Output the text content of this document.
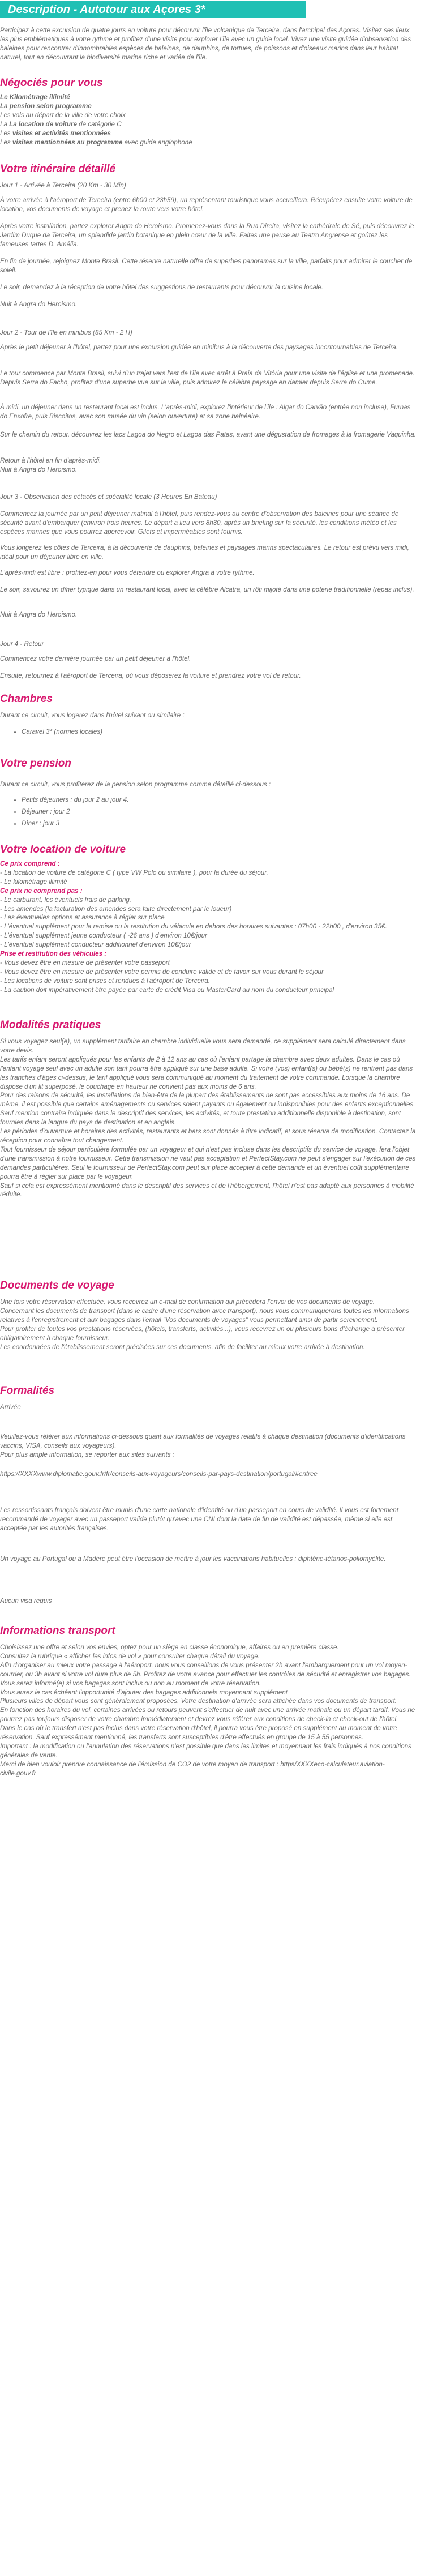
Description - Autotour aux Açores 3*

Participez à cette excursion de quatre jours en voiture pour découvrir l'île volcanique de Terceira, dans l'archipel des Açores. Visitez ses lieux les plus emblématiques à votre rythme et profitez d'une visite pour explorer l'île avec un guide local. Vivez une visite guidée d'observation des baleines pour rencontrer d'innombrables espèces de baleines, de dauphins, de tortues, de poissons et d'oiseaux marins dans leur habitat naturel, tout en découvrant la biodiversité marine riche et variée de l'île.

Négociés pour vous
Le Kilométrage illimité
La pension selon programme
Les vols au départ de la ville de votre choix
La La location de voiture de catégorie C
Les visites et activités mentionnées
Les visites mentionnées au programme avec guide anglophone
Votre itinéraire détaillé

Jour 1 - Arrivée à Terceira (20 Km - 30 Min)

À votre arrivée à l'aéroport de Terceira (entre 6h00 et 23h59), un représentant touristique vous accueillera. Récupérez ensuite votre voiture de location, vos documents de voyage et prenez la route vers votre hôtel.

Après votre installation, partez explorer Angra do Heroismo. Promenez-vous dans la Rua Direita, visitez la cathédrale de Sé, puis découvrez le Jardim Duque da Terceira, un splendide jardin botanique en plein cœur de la ville. Faites une pause au Teatro Angrense et goûtez les fameuses tartes D. Amélia.

En fin de journée, rejoignez Monte Brasil. Cette réserve naturelle offre de superbes panoramas sur la ville, parfaits pour admirer le coucher de soleil.

Le soir, demandez à la réception de votre hôtel des suggestions de restaurants pour découvrir la cuisine locale.

Nuit à Angra do Heroismo.

Jour 2 - Tour de l'île en minibus (85 Km - 2 H)

Après le petit déjeuner à l'hôtel, partez pour une excursion guidée en minibus à la découverte des paysages incontournables de Terceira.

Le tour commence par Monte Brasil, suivi d'un trajet vers l'est de l'île avec arrêt à Praia da Vitória pour une visite de l'église et une promenade. Depuis Serra do Facho, profitez d'une superbe vue sur la ville, puis admirez le célèbre paysage en damier depuis Serra do Cume.

À midi, un déjeuner dans un restaurant local est inclus. L'après-midi, explorez l'intérieur de l'île : Algar do Carvão (entrée non incluse), Furnas do Enxofre, puis Biscoitos, avec son musée du vin (selon ouverture) et sa zone balnéaire.

Sur le chemin du retour, découvrez les lacs Lagoa do Negro et Lagoa das Patas, avant une dégustation de fromages à la fromagerie Vaquinha.

Retour à l'hôtel en fin d'après-midi.

Nuit à Angra do Heroismo.

Jour 3 - Observation des cétacés et spécialité locale (3 Heures En Bateau)

Commencez la journée par un petit déjeuner matinal à l'hôtel, puis rendez-vous au centre d'observation des baleines pour une séance de sécurité avant d'embarquer (environ trois heures. Le départ a lieu vers 8h30, après un briefing sur la sécurité, les conditions météo et les espèces marines que vous pourrez apercevoir. Gilets et imperméables sont fournis.

Vous longerez les côtes de Terceira, à la découverte de dauphins, baleines et paysages marins spectaculaires. Le retour est prévu vers midi, idéal pour un déjeuner libre en ville.

L'après-midi est libre : profitez-en pour vous détendre ou explorer Angra à votre rythme.

Le soir, savourez un dîner typique dans un restaurant local, avec la célèbre Alcatra, un rôti mijoté dans une poterie traditionnelle (repas inclus).

Nuit à Angra do Heroismo.

Jour 4 - Retour

Commencez votre dernière journée par un petit déjeuner à l'hôtel.

Ensuite, retournez à l'aéroport de Terceira, où vous déposerez la voiture et prendrez votre vol de retour.

Chambres

Durant ce circuit, vous logerez dans l'hôtel suivant ou similaire :

• Caravel 3* (normes locales)
Votre pension

Durant ce circuit, vous profiterez de la pension selon programme comme détaillé ci-dessous :

• Petits déjeuners : du jour 2 au jour 4.
• Déjeuner : jour 2
• Dîner : jour 3
Votre location de voiture
Ce prix comprend :
- La location de voiture de catégorie C ( type VW Polo ou similaire ), pour la durée du séjour.
- Le kilométrage illimité
Ce prix ne comprend pas :
- Le carburant, les éventuels frais de parking.
- Les amendes (la facturation des amendes sera faite directement par le loueur)
- Les éventuelles options et assurance à régler sur place
- L'éventuel supplément pour la remise ou la restitution du véhicule en dehors des horaires suivantes : 07h00 - 22h00 , d'environ 35€.
- L'éventuel supplément jeune conducteur ( -26 ans ) d'environ 10€/jour
- L'éventuel supplément conducteur additionnel d'environ 10€/jour
Prise et restitution des véhicules :
- Vous devez être en mesure de présenter votre passeport
- Vous devez être en mesure de présenter votre permis de conduire valide et de favoir sur vous durant le séjour
- Les locations de voiture sont prises et rendues à l'aéroport de Terceira.
- La caution doit impérativement être payée par carte de crédit Visa ou MasterCard au nom du conducteur principal
Modalités pratiques

Si vous voyagez seul(e), un supplément tarifaire en chambre individuelle vous sera demandé, ce supplément sera calculé directement dans votre devis.
Les tarifs enfant seront appliqués pour les enfants de 2 à 12 ans au cas où l'enfant partage la chambre avec deux adultes. Dans le cas où l'enfant voyage seul avec un adulte son tarif pourra être appliqué sur une base adulte. Si votre (vos) enfant(s) ou bébé(s) ne rentrent pas dans les tranches d'âges ci-dessus, le tarif appliqué vous sera communiqué au moment du traitement de votre commande. Lorsque la chambre dispose d'un lit superposé, le couchage en hauteur ne convient pas aux moins de 6 ans.
Pour des raisons de sécurité, les installations de bien-être de la plupart des établissements ne sont pas accessibles aux moins de 16 ans. De même, il est possible que certains aménagements ou services soient payants ou également ou indisponibles pour des enfants exceptionnelles.
Sauf mention contraire indiquée dans le descriptif des services, les activités, et toute prestation additionnelle disponible à destination, sont fournies dans la langue du pays de destination et en anglais.
Les périodes d'ouverture et horaires des activités, restaurants et bars sont donnés à titre indicatif, et sous réserve de modification. Contactez la réception pour connaître tout changement.
Tout fournisseur de séjour particulière formulée par un voyageur et qui n'est pas incluse dans les descriptifs du service de voyage, fera l'objet d'une transmission à notre fournisseur. Cette transmission ne vaut pas acceptation et PerfectStay.com ne peut s'engager sur l'exécution de ces demandes particulières. Seul le fournisseur de PerfectStay.com peut sur place accepter à cette demande et un éventuel coût supplémentaire pourra être à régler sur place par le voyageur.
Sauf si cela est expressément mentionné dans le descriptif des services et de l'hébergement, l'hôtel n'est pas adapté aux personnes à mobilité réduite.

Documents de voyage

Une fois votre réservation effectuée, vous recevrez un e-mail de confirmation qui précèdera l'envoi de vos documents de voyage.
Concernant les documents de transport (dans le cadre d'une réservation avec transport), nous vous communiquerons toutes les informations relatives à l'enregistrement et aux bagages dans l'email "Vos documents de voyages" vous permettant ainsi de partir sereinement.
Pour profiter de toutes vos prestations réservées, (hôtels, transferts, activités...), vous recevrez un ou plusieurs bons d'échange à présenter obligatoirement à chaque fournisseur.
Les coordonnées de l'établissement seront précisées sur ces documents, afin de faciliter au mieux votre arrivée à destination.

Formalités

Arrivée

Veuillez-vous référer aux informations ci-dessous quant aux formalités de voyages relatifs à chaque destination (documents d'identifications vaccins, VISA, conseils aux voyageurs).
Pour plus ample information, se reporter aux sites suivants :

https://XXXXwww.diplomatie.gouv.fr/fr/conseils-aux-voyageurs/conseils-par-pays-destination/portugal/#entree

Les ressortissants français doivent être munis d'une carte nationale d'identité ou d'un passeport en cours de validité. Il vous est fortement recommandé de voyager avec un passeport valide plutôt qu'avec une CNI dont la date de fin de validité est dépassée, même si elle est acceptée par les autorités françaises.

Un voyage au Portugal ou à Madère peut être l'occasion de mettre à jour les vaccinations habituelles : diphtérie-tétanos-poliomyélite.

Aucun visa requis

Informations transport

Choisissez une offre et selon vos envies, optez pour un siège en classe économique, affaires ou en première classe.
Consultez la rubrique « afficher les infos de vol » pour consulter chaque détail du voyage.
Afin d'organiser au mieux votre passage à l'aéroport, nous vous conseillons de vous présenter 2h avant l'embarquement pour un vol moyen-courrier, ou 3h avant si votre vol dure plus de 5h. Profitez de votre avance pour effectuer les contrôles de sécurité et enregistrer vos bagages.
Vous serez informé(e) si vos bagages sont inclus ou non au moment de votre réservation.
Vous aurez le cas échéant l'opportunité d'ajouter des bagages additionnels moyennant supplément
Plusieurs villes de départ vous sont généralement proposées. Votre destination d'arrivée sera affichée dans vos documents de transport.
En fonction des horaires du vol, certaines arrivées ou retours peuvent s'effectuer de nuit avec une arrivée matinale ou un départ tardif. Vous ne pourrez pas toujours disposer de votre chambre immédiatement et devrez vous référer aux conditions de check-in et check-out de l'hôtel.
Dans le cas où le transfert n'est pas inclus dans votre réservation d'hôtel, il pourra vous être proposé en supplément au moment de votre réservation. Sauf expressément mentionné, les transferts sont susceptibles d'être effectués en groupe de 15 à 55 personnes.
Important : la modification ou l'annulation des réservations n'est possible que dans les limites et moyennant les frais indiqués à nos conditions générales de vente.
Merci de bien vouloir prendre connaissance de l'émission de CO2 de votre moyen de transport : https/XXXXeco-calculateur.aviation-civile.gouv.fr
